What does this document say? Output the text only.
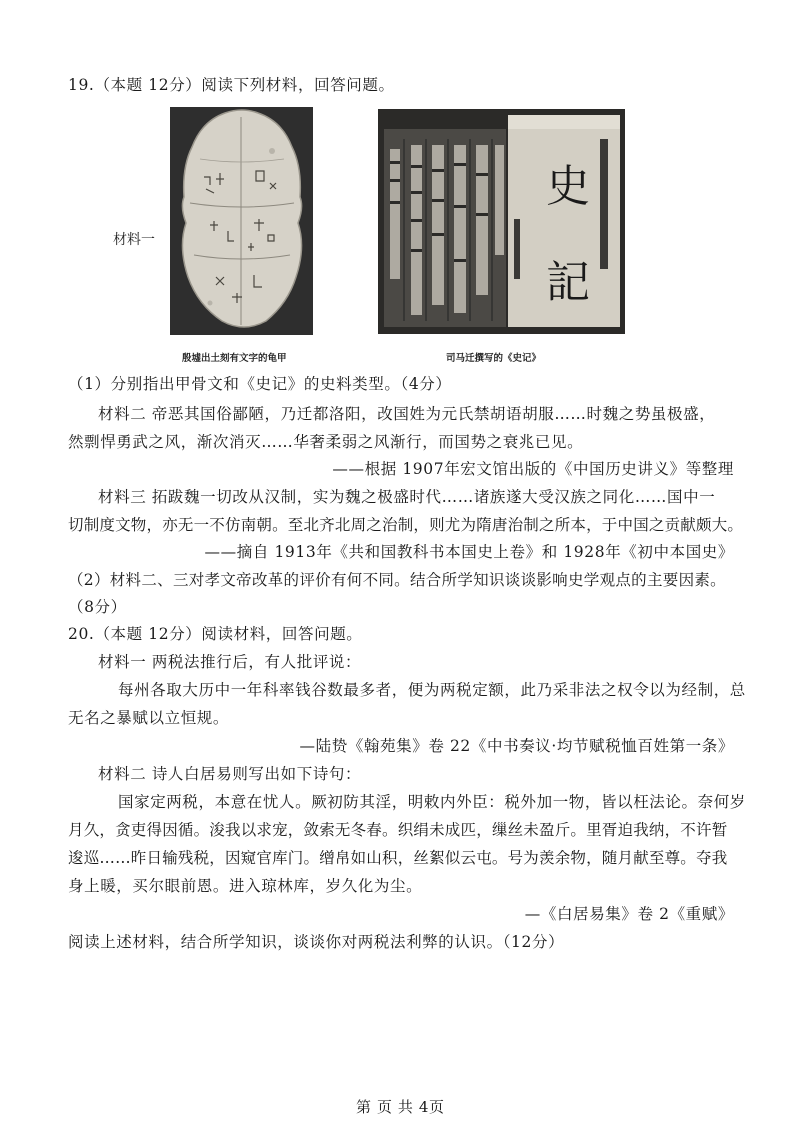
19.（本题 12分）阅读下列材料，回答问题。
材料一
史
記
殷墟出土刻有文字的龟甲	司马迁撰写的《史记》
（1）分别指出甲骨文和《史记》的史料类型。（4分）
材料二 帝恶其国俗鄙陋，乃迁都洛阳，改国姓为元氏禁胡语胡服……时魏之势虽极盛，
然剽悍勇武之风，渐次消灭……华奢柔弱之风渐行，而国势之衰兆已见。
——根据 1907年宏文馆出版的《中国历史讲义》等整理
材料三 拓跋魏一切改从汉制，实为魏之极盛时代……诸族遂大受汉族之同化……国中一
切制度文物，亦无一不仿南朝。至北齐北周之治制，则尤为隋唐治制之所本，于中国之贡献颇大。
——摘自 1913年《共和国教科书本国史上卷》和 1928年《初中本国史》
（2）材料二、三对孝文帝改革的评价有何不同。结合所学知识谈谈影响史学观点的主要因素。
（8分）
20.（本题 12分）阅读材料，回答问题。
材料一 两税法推行后，有人批评说：
每州各取大历中一年科率钱谷数最多者，便为两税定额，此乃采非法之权令以为经制，总
无名之暴赋以立恒规。
—陆贽《翰苑集》卷 22《中书奏议·均节赋税恤百姓第一条》
材料二 诗人白居易则写出如下诗句：
国家定两税，本意在忧人。厥初防其淫，明敕内外臣：税外加一物，皆以枉法论。奈何岁
月久，贪吏得因循。浚我以求宠，敛索无冬春。织绢未成匹，缫丝未盈斤。里胥迫我纳，不许暂
逡巡……昨日输残税，因窥官库门。缯帛如山积，丝絮似云屯。号为羡余物，随月献至尊。夺我
身上暖，买尔眼前恩。进入琼林库，岁久化为尘。
—《白居易集》卷 2《重赋》
阅读上述材料，结合所学知识，谈谈你对两税法利弊的认识。（12分）
第 页 共 4页
